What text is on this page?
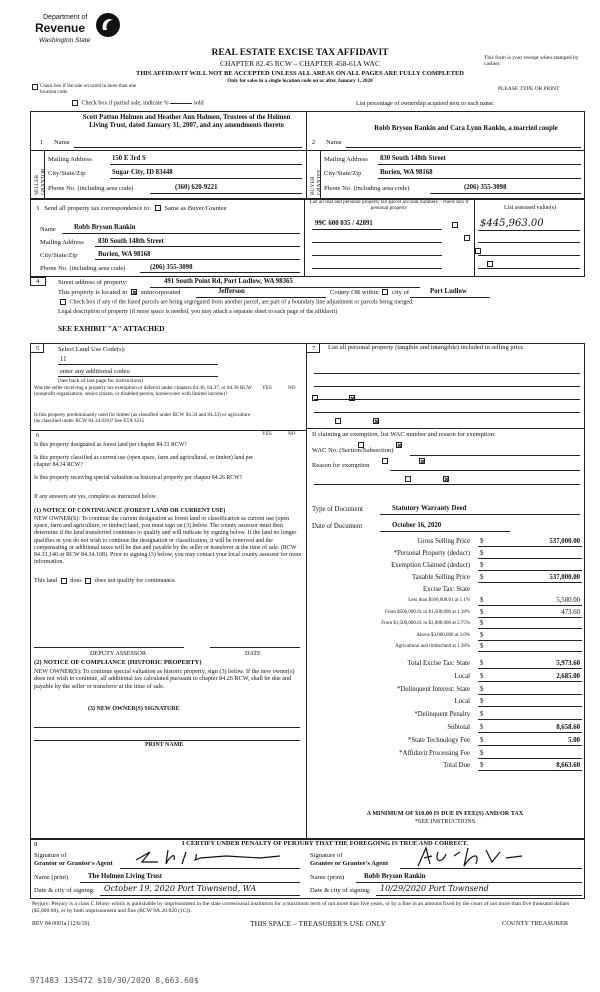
Department of
Revenue
Washington State
REAL ESTATE EXCISE TAX AFFIDAVIT
CHAPTER 82.45 RCW – CHAPTER 458-61A WAC
THIS AFFIDAVIT WILL NOT BE ACCEPTED UNLESS ALL AREAS ON ALL PAGES ARE FULLY COMPLETED
Only for sales in a single location code on or after January 1, 2020
This form is your receipt when stamped by cashier.
PLEASE TYPE OR PRINT
Check box if the sale occurred in more than one location code.
Check box if partial sale, indicate %	sold	List percentage of ownership acquired next to each name.
1 Name
Scott Patton Holmen and Heather Ann Holmen, Trustees of the Holmen Living Trust, dated January 31, 2007, and any amendments thereto
SELLER GRANTOR
Mailing Address	150 E 3rd S
City/State/Zip	Sugar City, ID 83448
Phone No. (including area code)	(360) 620-9221
2 Name
Robb Bryson Rankin and Cara Lynn Rankin, a married couple
BUYER GRANTEE
Mailing Address 830 South 148th Street
City/State/Zip	Burien, WA 98168
Phone No. (including area code)	(206) 355-3098
3 Send all property tax correspondence to: Same as Buyer/Grantee
Name	Robb Bryson Rankin
Mailing Address 830 South 148th Street
City/State/Zip	Burien, WA 98168
Phone No. (including area code)	(206) 355-3098
List all real and personal property tax parcel account numbers – check box if personal property	List assessed value(s)
99C 600 035 / 42891
	$445,963.00

4	Street address of property:	491 South Point Rd, Port Ludlow, WA 98365
This property is located in unincorporated	Jefferson	County OR within city of	Port Ludlow
Check box if any of the listed parcels are being segregated from another parcel, are part of a boundary line adjustment or parcels being merged.
Legal description of property (if more space is needed, you may attach a separate sheet to each page of the affidavit)
SEE EXHIBIT "A" ATTACHED
5	Select Land Use Code(s):
11
enter any additional codes:
(See back of last page for instructions)
YES	NO
Was the seller receiving a property tax exemption or deferral under chapters 84.36, 84.37, or 84.38 RCW (nonprofit organization, senior citizen, or disabled person, homeowner with limited income)?

Is this property predominantly used for timber (as classified under RCW 84.34 and 84.33) or agriculture (as classified under RCW 84.34.020)? See ETA 3215

6	YES	NO
Is this property designated as forest land per chapter 84.33 RCW?

Is this property classified as current use (open space, farm and agricultural, or timber) land per chapter 84.34 RCW?

Is this property receiving special valuation as historical property per chapter 84.26 RCW?

If any answers are yes, complete as instructed below.
(1) NOTICE OF CONTINUANCE (FOREST LAND OR CURRENT USE)
NEW OWNER(S): To continue the current designation as forest land or classification as current use (open space, farm and agriculture, or timber) land, you must sign on (3) below. The county assessor must then determine if the land transferred continues to qualify and will indicate by signing below. If the land no longer qualifies or you do not wish to continue the designation or classification, it will be removed and the compensating or additional taxes will be due and payable by the seller or transferor at the time of sale. (RCW 84.33.140 or RCW 84.34.108). Prior to signing (3) below, you may contact your local county assessor for more information.
This land does does not qualify for continuance.
DEPUTY ASSESSOR	DATE
(2) NOTICE OF COMPLIANCE (HISTORIC PROPERTY)
NEW OWNER(S): To continue special valuation as historic property, sign (3) below. If the new owner(s) does not wish to continue, all additional tax calculated pursuant to chapter 84.26 RCW, shall be due and payable by the seller or transferor at the time of sale.
(3) NEW OWNER(S) SIGNATURE
PRINT NAME
7 List all personal property (tangible and intangible) included in selling price.
If claiming an exemption, list WAC number and reason for exemption:
WAC No. (Section/Subsection)
Reason for exemption
Type of Document	Statutory Warranty Deed
Date of Document	October 16, 2020
Gross Selling Price $	537,000.00
*Personal Property (deduct) $
Exemption Claimed (deduct) $
Taxable Selling Price $	537,000.00
Excise Tax: State
Less than $500,000.01 at 1.1% $	5,500.00
From $500,000.01 to $1,500,000 at 1.28% $	473.60
From $1,500,000.01 to $3,000,000 at 2.75% $
Above $3,000,000 at 3.0% $
Agricultural and timberland at 1.28% $
Total Excise Tax: State $	5,973.60
Local $	2,685.00
*Delinquent Interest: State $
Local $
*Delinquent Penalty $
Subtotal $	8,658.60
*State Technology Fee $	5.00
*Affidavit Processing Fee $
Total Due $	8,663.60
A MINIMUM OF $10.00 IS DUE IN FEE(S) AND/OR TAX
*SEE INSTRUCTIONS
8	I CERTIFY UNDER PENALTY OF PERJURY THAT THE FOREGOING IS TRUE AND CORRECT.
Signature of
Grantor or Grantor's Agent
Signature of
Grantee or Grantee's Agent
Name (print)	The Holmen Living Trust	Name (print)	Robb Bryson Rankin
Date & city of signing: October 19, 2020 Port Townsend, WA	Date & city of signing: 10/29/2020 Port Townsend
Perjury: Perjury is a class C felony which is punishable by imprisonment in the state correctional institution for a maximum term of not more than five years, or by a fine in an amount fixed by the court of not more than five thousand dollars ($5,000.00), or by both imprisonment and fine (RCW 9A.20.020 (1C)).
REV 84 0001a (12/6/19)	THIS SPACE – TREASURER'S USE ONLY	COUNTY TREASURER
971483 135472 $10/30/2020 8,663.60$
